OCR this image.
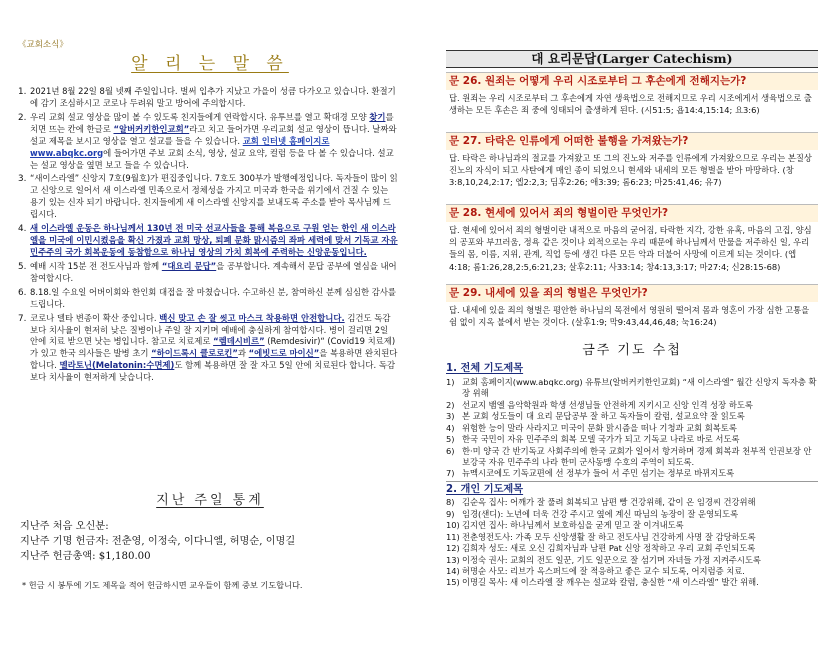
《교회소식》
알 리 는 말 씀
1. 2021년 8월 22일 8월 넷째 주일입니다. 벌써 입추가 지났고 가을이 성큼 다가오고 있습니다. 환절기에 감기 조심하시고 코로나 두려워 말고 방어에 주의합시다.
2. 우리 교회 설교 영상을 많이 볼 수 있도록 친지들에게 연락합시다. 유투브를 열고 확대경 모양 찾기를 치면 뜨는 칸에 한글로 “알버커키한인교회”라고 치고 들어가면 우리교회 설교 영상이 뜹니다. 날짜와 설교 제목을 보시고 영상을 열고 설교를 들을 수 있습니다. 교회 인터넷 홈페이지로 www.abqkc.org에 들어가면 주보 교회 소식, 영상, 설교 요약, 컬럼 등을 다 볼 수 있습니다. 설교는 설교 영상을 옆면 보고 들을 수 있습니다.
3. “새이스라엘” 신앙지 7호(9월호)가 편집중입니다. 7호도 300부가 발행예정입니다. 독자들이 많이 읽고 신앙으로 일어서 새 이스라엘 민족으로서 정체성을 가지고 미국과 한국을 위기에서 건질 수 있는 용기 있는 신자 되기 바랍니다. 친지들에게 새 이스라엘 신앙지를 보내도록 주소를 받아 목사님께 드립시다.
4. 새 이스라엘 운동은 하나님께서 130년 전 미국 선교사들을 통해 복음으로 구원 얻는 한인 새 이스라엘을 미국에 이민시켰음을 확신 가졌과 교회 망상, 퇴폐 문화 맑시즘의 좌파 세력에 맞서 기독교 자유 민주주의 국가 회복운동에 동참함으로 하나님 영상의 가치 회복에 주력하는 신앙운동입니다.
5. 예배 시작 15분 전 전도사님과 함께 “대요리 문답”을 공부합니다. 계속해서 문답 공부에 열심을 내어 참여합시다.
6. 8.18.일 수요일 어버이회와 한인회 대접을 잘 마쳤습니다. 수고하신 분, 참여하신 분께 심심한 감사를 드립니다.
7. 코로나 델타 변종이 확산 중입니다. 백신 맞고 손 잘 씻고 마스크 착용하면 안전합니다. 김건도 독감보다 치사율이 현저히 낮은 질병이나 주일 잘 지키며 예배에 충실하게 참여합시다. 병이 걸리면 2일 안에 치료 받으면 낫는 병입니다. 참고로 치료제로 “렘데시비르” (Remdesivir)“ (Covid19 치료제)가 있고 한국 의사들은 발병 초기 “하이드록시 클로로킨”과 “에빗드로 마이신”을 복용하면 완치된다 합니다. 멜라토닌(Melatonin:수면제)도 함께 복용하면 잘 잘 자고 5일 안에 치료된다 합니다. 독감보다 치사율이 현저하게 낮습니다.
지난 주일 통계
지난주 처음 오신분:
지난주 기명 헌금자: 전춘영, 이정숙, 이다니엘, 허명순, 이명길
지난주 헌금총액: $1,180.00
* 헌금 시 봉투에 기도 제목을 적어 헌금하시면 교우들이 함께 중보 기도합니다.
대 요리문답(Larger Catechism)
문 26. 원죄는 어떻게 우리 시조로부터 그 후손에게 전해지는가?
답. 원죄는 우리 시조로부터 그 후손에게 자연 생육법으로 전해지므로 우리 시조에게서 생육법으로 출생하는 모든 후손은 죄 중에 잉태되어 출생하게 된다. (시51:5; 욥14:4,15:14; 요3:6)
문 27. 타락은 인류에게 어떠한 불행을 가져왔는가?
답. 타락은 하나님과의 절교를 가져왔고 또 그의 진노와 저주를 인류에게 가져왔으므로 우리는 본질상 진노의 자식이 되고 사탄에게 매인 종이 되었으니 현세와 내세의 모든 형벌을 받아 마땅하다. (창3:8,10,24,2:17; 엡2:2,3; 딤후2:26; 애3:39; 롬6:23; 마25:41,46; 유7)
문 28. 현세에 있어서 죄의 형벌이란 무엇인가?
답. 현세에 있어서 죄의 형벌이란 내적으로 마음의 굳어짐, 타락한 지각, 강한 유혹, 마음의 고집, 양심의 공포와 부끄러움, 정욕 같은 것이나 외적으로는 우리 때문에 하나님께서 만물을 저주하신 일, 우리들의 몸, 이름, 지위, 관계, 직업 등에 생긴 다른 모든 악과 더불어 사망에 이르게 되는 것이다. (엡4:18; 롬1:26,28,2:5,6:21,23; 살후2:11; 사33:14; 창4:13,3:17; 마27:4; 신28:15-68)
문 29. 내세에 있을 죄의 형벌은 무엇인가?
답. 내세에 있을 죄의 형벌은 평안한 하나님의 목전에서 영원히 떨어져 몸과 영혼이 가장 심한 고통을 쉼 없이 지옥 불에서 받는 것이다. (살후1:9; 막9:43,44,46,48; 눅16:24)
금주 기도 수첩
1. 전체 기도제목
1) 교회 홈페이지(www.abqkc.org) 유튜브(알버커키한인교회) “새 이스라엘” 월간 신앙지 독자층 확장 위해
2) 선교지 뱀엘 음악학원과 학생 선생님들 안전하게 지키시고 신앙 인격 성장 하도록
3) 본 교회 성도들이 대 요리 문답공부 잘 하고 독자들이 칼럼, 설교요약 잘 읽도록
4) 위험한 능이 말라 사라지고 미국이 문화 맑시즘을 떠나 기청과 교회 회복토록
5) 한국 국민이 자유 민주주의 회복 모델 국가가 되고 기독교 나라로 바로 서도록
6) 한·미 양국 간 반기독교 사회주의에 한국 교회가 일어서 항거하며 경제 회복과 천부적 인권보장 안보강국 자유 민주주의 나라 한미 군사동맹 수호의 주역이 되도록.
7) 뉴멕시코에도 기독교편에 선 정부가 들어 서 주민 섬기는 정부로 바뀌지도록
2. 개인 기도제목
8) 김순옥 집사: 어깨가 잘 풀려 회복되고 남편 빵 건강위해, 같이 온 임경씨 건강위해
9) 임경(샌디): 노년에 더욱 건강 주시고 옆에 계신 따님의 농장이 잘 운영되도록
10) 김지연 집사: 하나님께서 보호하심을 굳게 믿고 잘 이겨내도록
11) 전춘영전도사: 가족 모두 신앙생활 잘 하고 전도사님 건강하게 사명 잘 감당하도록
12) 김희자 성도: 새로 오신 김희자님과 남편 Pat 신앙 정착하고 우리 교회 주인되도록
13) 이정숙 권사: 교회의 전도 일꾼, 기도 일꾼으로 잘 섬기며 자녀들 가정 지켜주시도록
14) 허명순 사모: 리브가 옥스퍼드에 잘 적응하고 좋은 교수 되도록, 어지럼증 치료.
15) 이명길 목사: 새 이스라엘 잘 깨우는 설교와 칼럼, 충실한 “새 이스라엘” 발간 위해.
